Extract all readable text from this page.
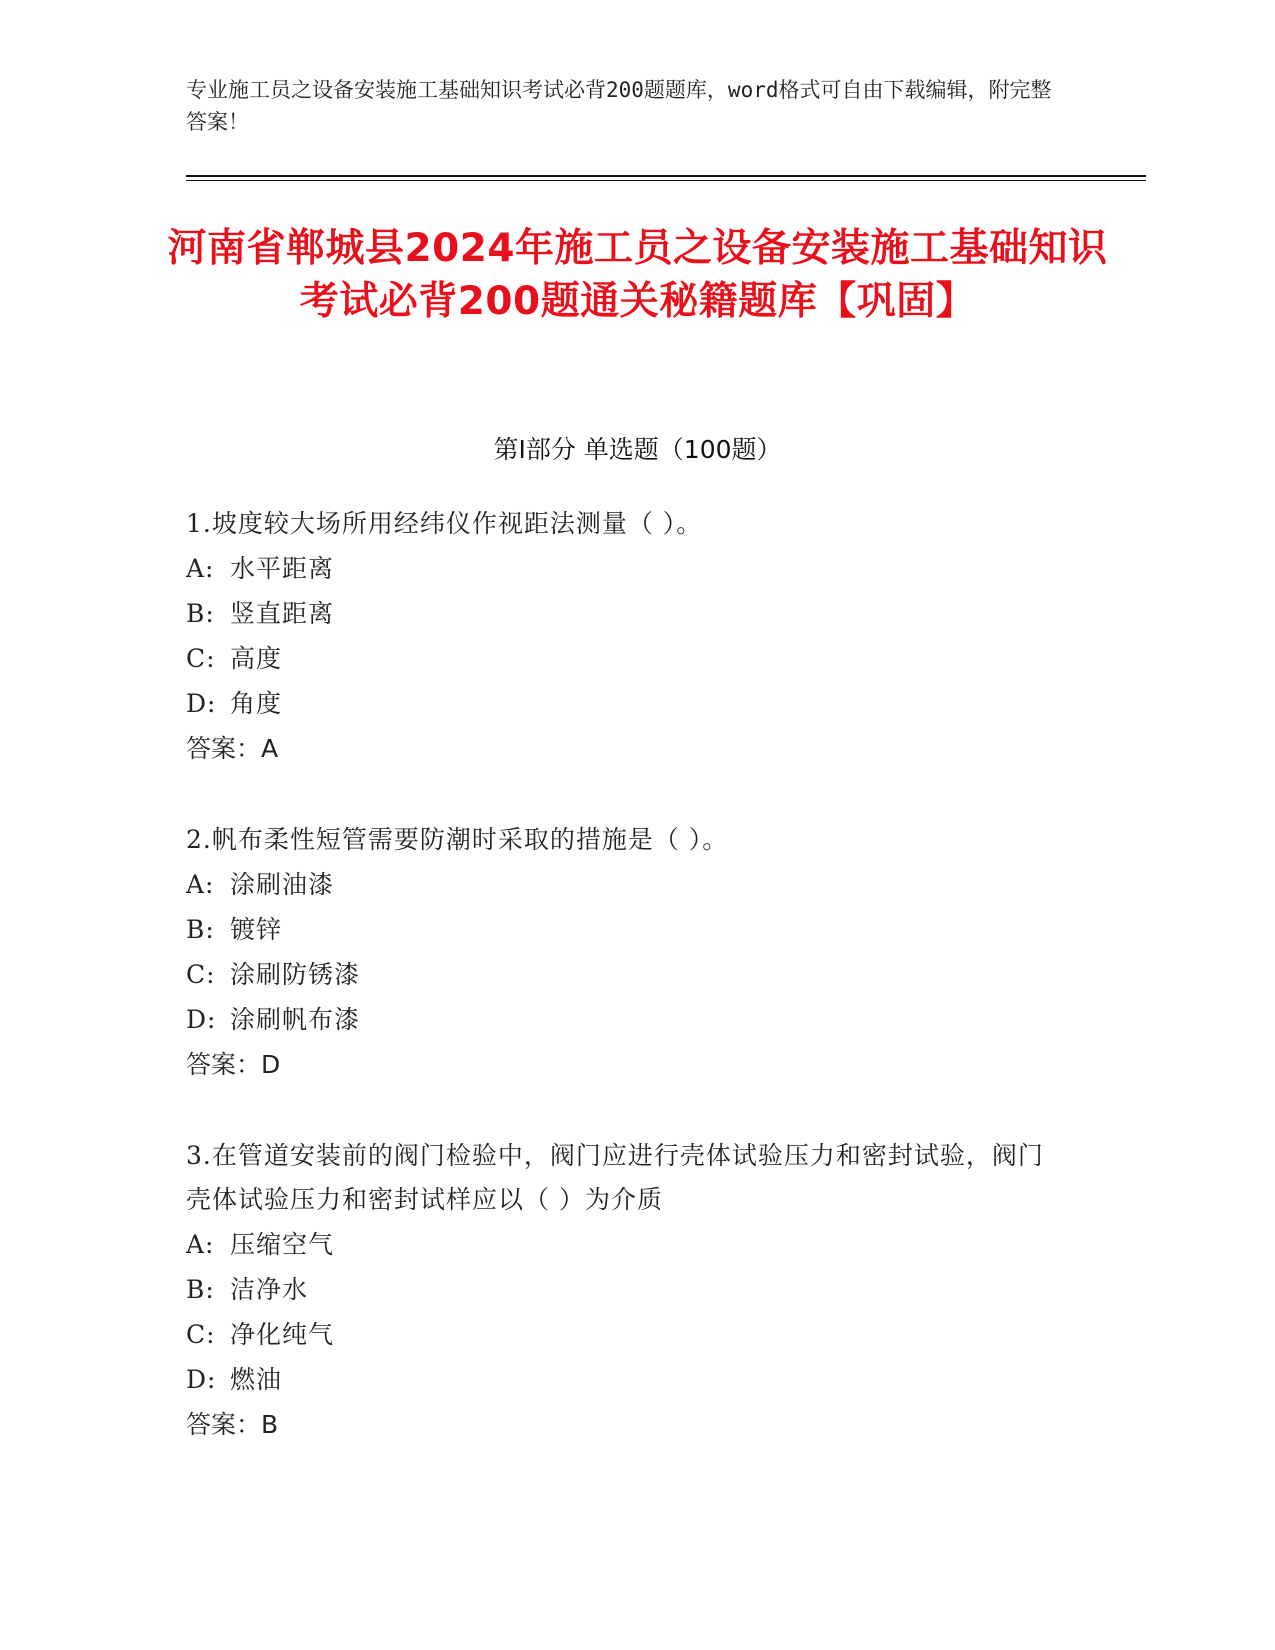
专业施工员之设备安装施工基础知识考试必背200题题库，word格式可自由下载编辑，附完整答案！

河南省郸城县2024年施工员之设备安装施工基础知识考试必背200题通关秘籍题库【巩固】
第I部分 单选题（100题）
1.坡度较大场所用经纬仪作视距法测量（ ）。
A: 水平距离
B: 竖直距离
C: 高度
D: 角度
答案：A
2.帆布柔性短管需要防潮时采取的措施是（ ）。
A: 涂刷油漆
B: 镀锌
C: 涂刷防锈漆
D: 涂刷帆布漆
答案：D
3.在管道安装前的阀门检验中，阀门应进行壳体试验压力和密封试验，阀门壳体试验压力和密封试样应以（ ）为介质
A: 压缩空气
B: 洁净水
C: 净化纯气
D: 燃油
答案：B
